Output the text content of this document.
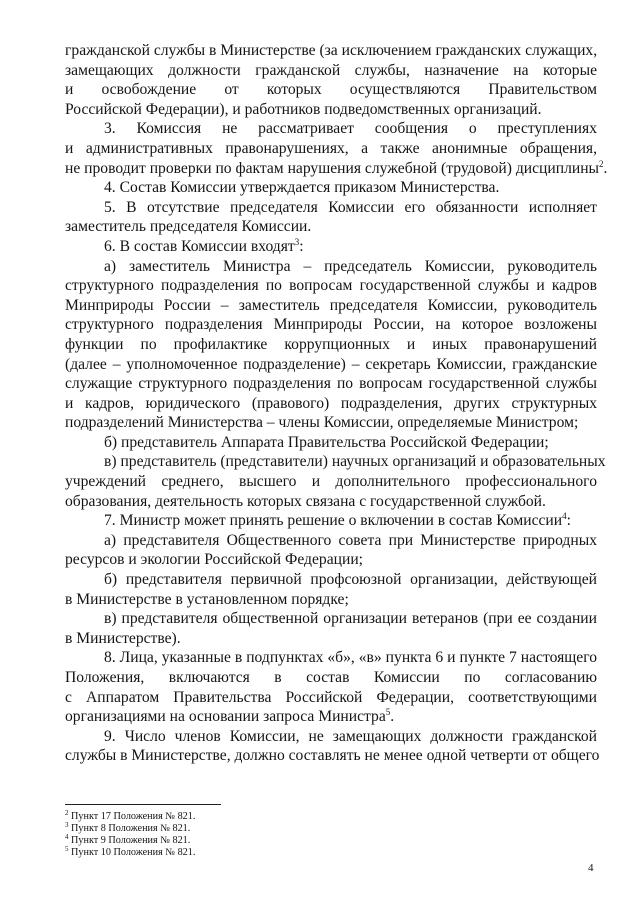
гражданской службы в Министерстве (за исключением гражданских служащих,
замещающих должности гражданской службы, назначение на которые
и освобождение от которых осуществляются Правительством
Российской Федерации), и работников подведомственных организаций.
3. Комиссия не рассматривает сообщения о преступлениях
и административных правонарушениях, а также анонимные обращения,
не проводит проверки по фактам нарушения служебной (трудовой) дисциплины$^2$.
4. Состав Комиссии утверждается приказом Министерства.
5. В отсутствие председателя Комиссии его обязанности исполняет
заместитель председателя Комиссии.
6. В состав Комиссии входят$^3$:
а) заместитель Министра – председатель Комиссии, руководитель
структурного подразделения по вопросам государственной службы и кадров
Минприроды России – заместитель председателя Комиссии, руководитель
структурного подразделения Минприроды России, на которое возложены
функции по профилактике коррупционных и иных правонарушений
(далее – уполномоченное подразделение) – секретарь Комиссии, гражданские
служащие структурного подразделения по вопросам государственной службы
и кадров, юридического (правового) подразделения, других структурных
подразделений Министерства – члены Комиссии, определяемые Министром;
б) представитель Аппарата Правительства Российской Федерации;
в) представитель (представители) научных организаций и образовательных
учреждений среднего, высшего и дополнительного профессионального
образования, деятельность которых связана с государственной службой.
7. Министр может принять решение о включении в состав Комиссии$^4$:
а) представителя Общественного совета при Министерстве природных
ресурсов и экологии Российской Федерации;
б) представителя первичной профсоюзной организации, действующей
в Министерстве в установленном порядке;
в) представителя общественной организации ветеранов (при ее создании
в Министерстве).
8. Лица, указанные в подпунктах «б», «в» пункта 6 и пункте 7 настоящего
Положения, включаются в состав Комиссии по согласованию
с Аппаратом Правительства Российской Федерации, соответствующими
организациями на основании запроса Министра$^5$.
9. Число членов Комиссии, не замещающих должности гражданской
службы в Министерстве, должно составлять не менее одной четверти от общего
$^2$ Пункт 17 Положения № 821.
$^3$ Пункт 8 Положения № 821.
$^4$ Пункт 9 Положения № 821.
$^5$ Пункт 10 Положения № 821.
4
